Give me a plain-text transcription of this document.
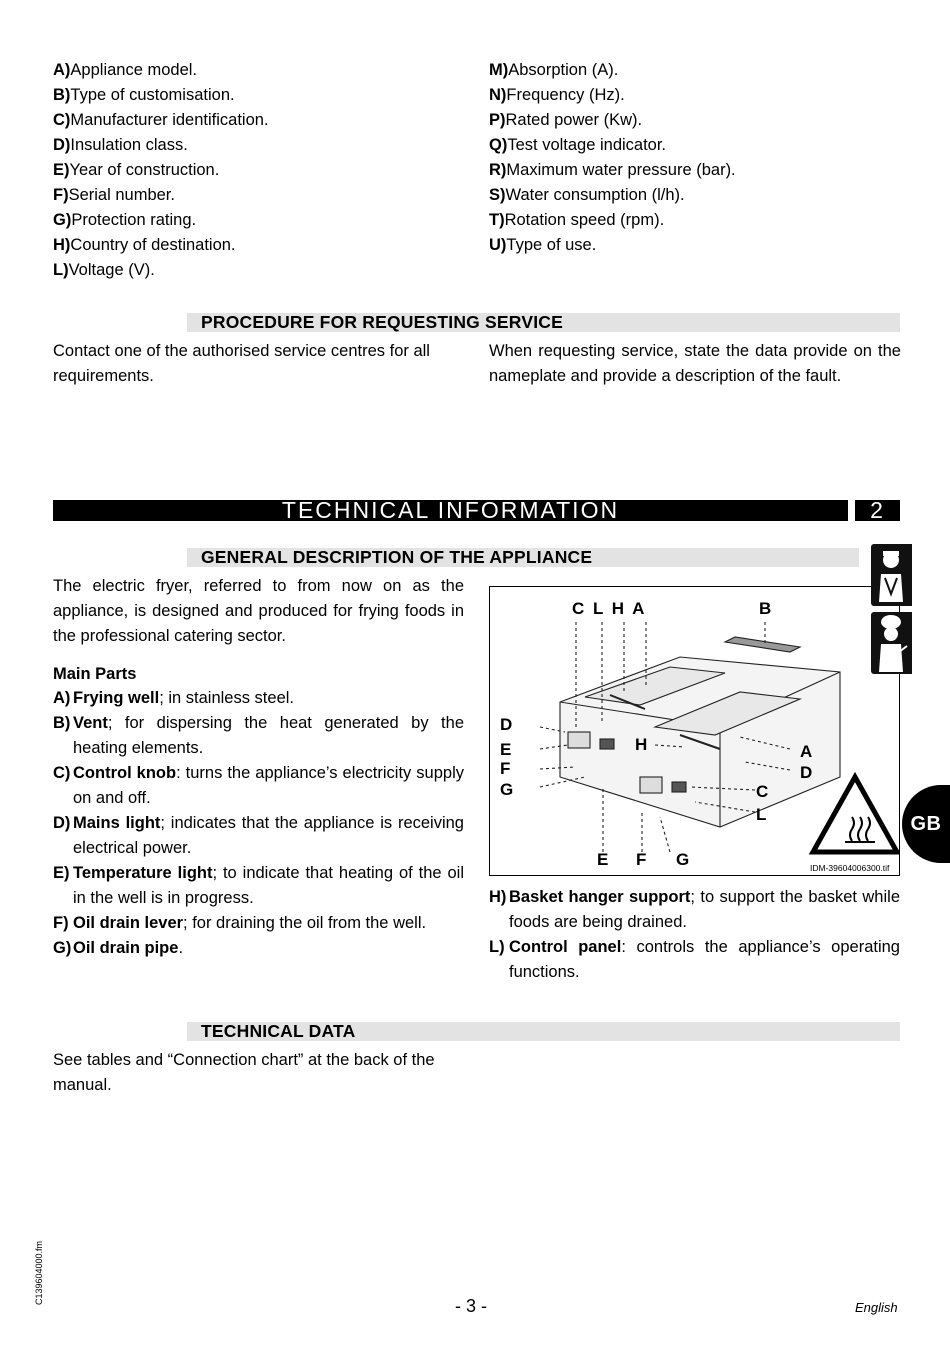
A)Appliance model.
B)Type of customisation.
C)Manufacturer identification.
D)Insulation class.
E)Year of construction.
F)Serial number.
G)Protection rating.
H)Country of destination.
L)Voltage (V).
M)Absorption (A).
N)Frequency (Hz).
P)Rated power (Kw).
Q)Test voltage indicator.
R)Maximum water pressure (bar).
S)Water consumption (l/h).
T)Rotation speed (rpm).
U)Type of use.
PROCEDURE FOR REQUESTING SERVICE
Contact one of the authorised service centres for all requirements.
When requesting service, state the data provide on the nameplate and provide a description of the fault.
TECHNICAL INFORMATION	2
GENERAL DESCRIPTION OF THE APPLIANCE
The electric fryer, referred to from now on as the appliance, is designed and produced for frying foods in the professional catering sector.
Main Parts
A) Frying well; in stainless steel.
B) Vent; for dispersing the heat generated by the heating elements.
C) Control knob: turns the appliance’s electricity supply on and off.
D) Mains light; indicates that the appliance is receiving electrical power.
E) Temperature light; to indicate that heating of the oil in the well is in progress.
F) Oil drain lever; for draining the oil from the well.
G) Oil drain pipe.
H) Basket hanger support; to support the basket while foods are being drained.
L) Control panel: controls the appliance’s operating functions.
C L H A	B
D
E
F
G
H	A
D
C
L
E F G	IDM-39604006300.tif
TECHNICAL DATA
See tables and “Connection chart” at the back of the manual.
GB
C13960400​0.fm
- 3 -	English
